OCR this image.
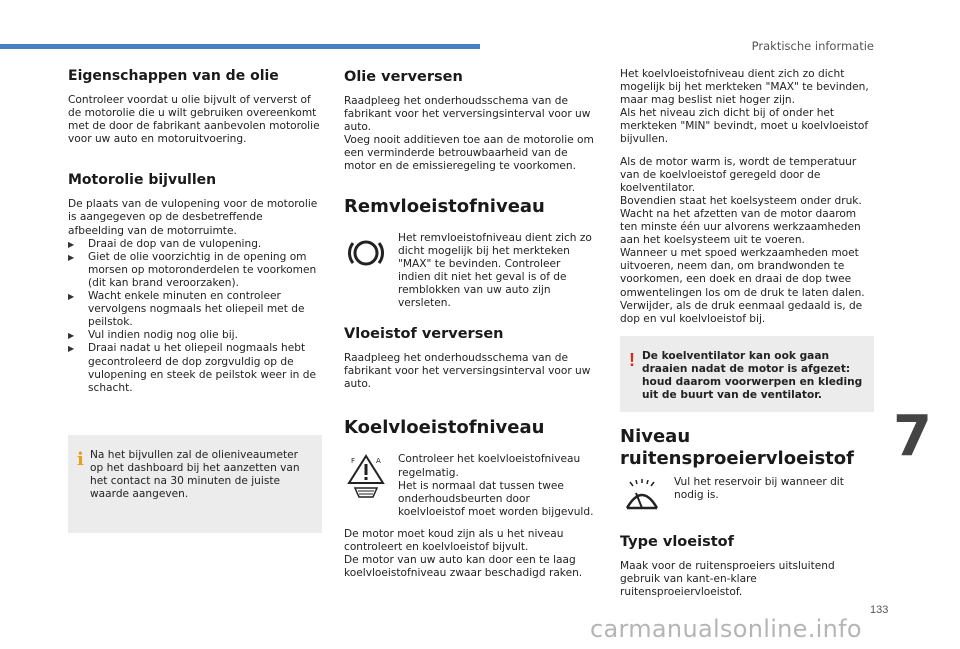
Praktische informatie
Eigenschappen van de olie

Controleer voordat u olie bijvult of ververst of de motorolie die u wilt gebruiken overeenkomt met de door de fabrikant aanbevolen motorolie voor uw auto en motoruitvoering.

Motorolie bijvullen

De plaats van de vulopening voor de motorolie is aangegeven op de desbetreffende afbeelding van de motorruimte.

▶ Draai de dop van de vulopening.
▶ Giet de olie voorzichtig in de opening om morsen op motoronderdelen te voorkomen (dit kan brand veroorzaken).
▶ Wacht enkele minuten en controleer vervolgens nogmaals het oliepeil met de peilstok.
▶ Vul indien nodig nog olie bij.
▶ Draai nadat u het oliepeil nogmaals hebt gecontroleerd de dop zorgvuldig op de vulopening en steek de peilstok weer in de schacht.
i Na het bijvullen zal de olieniveaumeter op het dashboard bij het aanzetten van het contact na 30 minuten de juiste waarde aangeven.

Olie verversen

Raadpleeg het onderhoudsschema van de fabrikant voor het verversingsinterval voor uw auto.

Voeg nooit additieven toe aan de motorolie om een verminderde betrouwbaarheid van de motor en de emissieregeling te voorkomen.

Remvloeistofniveau

Het remvloeistofniveau dient zich zo dicht mogelijk bij het merkteken "MAX" te bevinden. Controleer indien dit niet het geval is of de remblokken van uw auto zijn versleten.

Vloeistof verversen

Raadpleeg het onderhoudsschema van de fabrikant voor het verversingsinterval voor uw auto.

Koelvloeistofniveau
F	A Controleer het koelvloeistofniveau regelmatig.

Het is normaal dat tussen twee onderhoudsbeurten door koelvloeistof moet worden bijgevuld.

De motor moet koud zijn als u het niveau controleert en koelvloeistof bijvult.

De motor van uw auto kan door een te laag koelvloeistofniveau zwaar beschadigd raken.

Het koelvloeistofniveau dient zich zo dicht mogelijk bij het merkteken "MAX" te bevinden, maar mag beslist niet hoger zijn.

Als het niveau zich dicht bij of onder het merkteken "MIN" bevindt, moet u koelvloeistof bijvullen.

Als de motor warm is, wordt de temperatuur van de koelvloeistof geregeld door de koelventilator.

Bovendien staat het koelsysteem onder druk. Wacht na het afzetten van de motor daarom ten minste één uur alvorens werkzaamheden aan het koelsysteem uit te voeren.

Wanneer u met spoed werkzaamheden moet uitvoeren, neem dan, om brandwonden te voorkomen, een doek en draai de dop twee omwentelingen los om de druk te laten dalen. Verwijder, als de druk eenmaal gedaald is, de dop en vul koelvloeistof bij.

! De koelventilator kan ook gaan draaien nadat de motor is afgezet: houd daarom voorwerpen en kleding uit de buurt van de ventilator.

Niveau
ruitensproeiervloeistof

Vul het reservoir bij wanneer dit nodig is.

Type vloeistof

Maak voor de ruitensproeiers uitsluitend gebruik van kant-en-klare ruitensproeiervloeistof.

7
133
carmanualsonline.info
